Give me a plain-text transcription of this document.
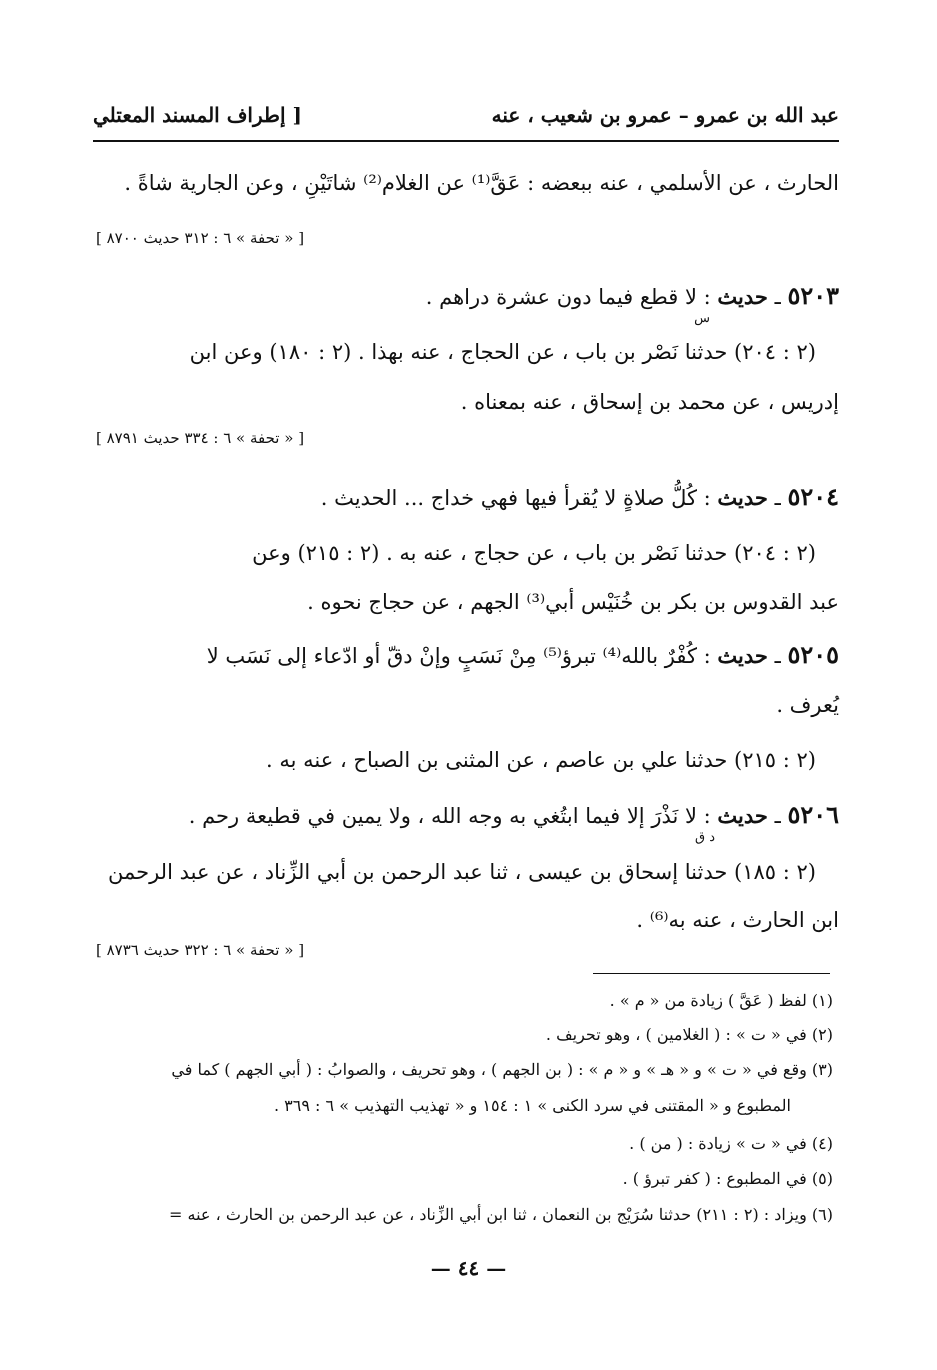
عبد الله بن عمرو – عمرو بن شعيب ، عنه
[ إطراف المسند المعتلي
الحارث ، عن الأسلمي ، عنه ببعضه : عَقَّ⁽¹⁾ عن الغلام⁽²⁾ شاتَيْنِ ، وعن الجارية شاةً .
[ « تحفة » ٦ : ٣١٢ حديث ٨٧٠٠ ]
٥٢٠٣ ـ حديث : لا قطع فيما دون عشرة دراهم .
س
(٢ : ٢٠٤) حدثنا نَصْر بن باب ، عن الحجاج ، عنه بهذا . (٢ : ١٨٠) وعن ابن
إدريس ، عن محمد بن إسحاق ، عنه بمعناه .
[ « تحفة » ٦ : ٣٣٤ حديث ٨٧٩١ ]
٥٢٠٤ ـ حديث : كُلُّ صلاةٍ لا يُقرأ فيها فهي خداج ... الحديث .
(٢ : ٢٠٤) حدثنا نَصْر بن باب ، عن حجاج ، عنه به . (٢ : ٢١٥) وعن
عبد القدوس بن بكر بن خُنَيْس أبي⁽³⁾ الجهم ، عن حجاج نحوه .
٥٢٠٥ ـ حديث : كُفْرٌ بالله⁽⁴⁾ تبرؤ⁽⁵⁾ مِنْ نَسَبٍ وإنْ دقّ أو ادّعاء إلى نَسَب لا
يُعرف .
(٢ : ٢١٥) حدثنا علي بن عاصم ، عن المثنى بن الصباح ، عنه به .
٥٢٠٦ ـ حديث : لا نَذْرَ إلا فيما ابتُغي به وجه الله ، ولا يمين في قطيعة رحم .
د ق
(٢ : ١٨٥) حدثنا إسحاق بن عيسى ، ثنا عبد الرحمن بن أبي الزِّناد ، عن عبد الرحمن
ابن الحارث ، عنه به⁽⁶⁾ .
[ « تحفة » ٦ : ٣٢٢ حديث ٨٧٣٦ ]
(١) لفظ ( عَقَّ ) زيادة من « م » .
(٢) في « ت » : ( الغلامين ) ، وهو تحريف .
(٣) وقع في « ت » و « هـ » و « م » : ( بن الجهم ) ، وهو تحريف ، والصوابُ : ( أبي الجهم ) كما في
المطبوع و « المقتنى في سرد الكنى » ١ : ١٥٤ و « تهذيب التهذيب » ٦ : ٣٦٩ .
(٤) في « ت » زيادة : ( من ) .
(٥) في المطبوع : ( كفر تبرؤ ) .
(٦) ويزاد : (٢ : ٢١١) حدثنا سُرَيْج بن النعمان ، ثنا ابن أبي الزِّناد ، عن عبد الرحمن بن الحارث ، عنه =
— ٤٤ —
